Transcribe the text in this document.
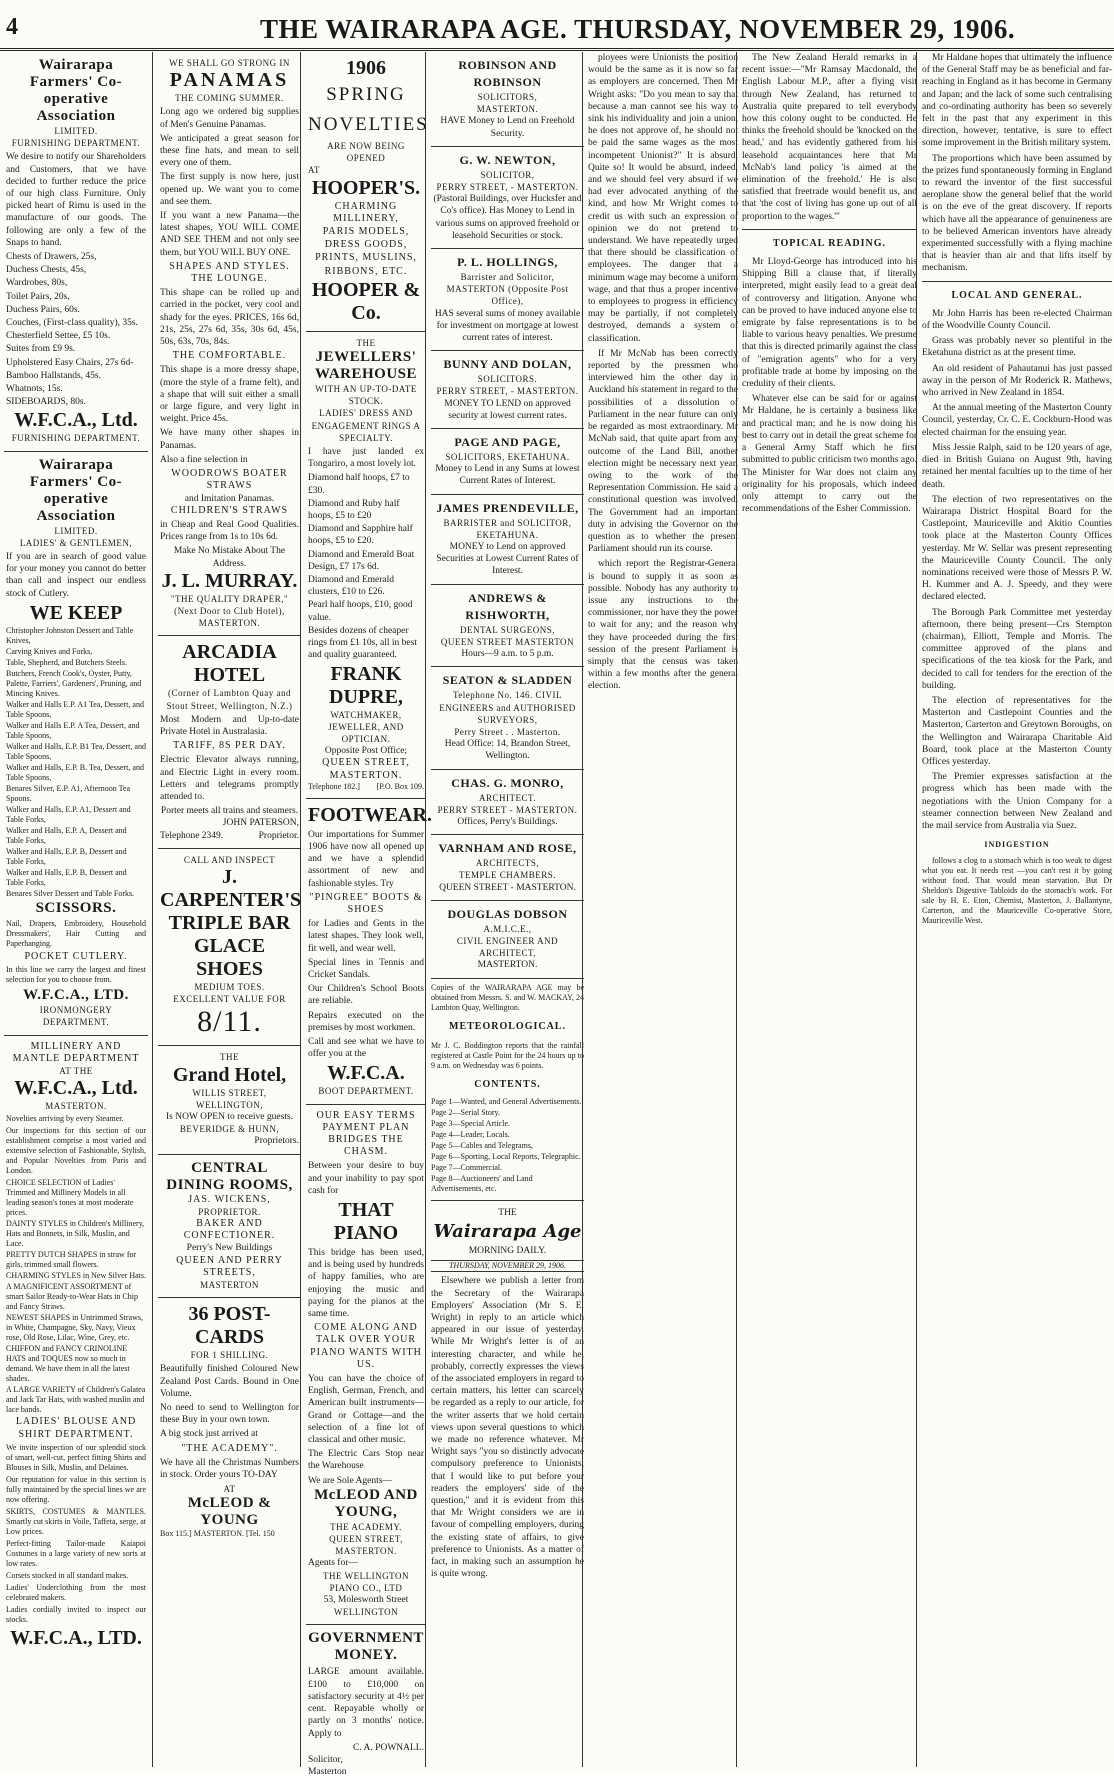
4	THE WAIRARAPA AGE. THURSDAY, NOVEMBER 29, 1906.
Wairarapa Farmers' Co-operative Association
LIMITED.
FURNISHING DEPARTMENT.

We desire to notify our Shareholders and Customers, that we have decided to further reduce the price of our high class Furniture. Only picked heart of Rimu is used in the manufacture of our goods. The following are only a few of the Snaps to hand.

Chests of Drawers, 25s,
Duchess Chests, 45s,
Wardrobes, 80s,
Toilet Pairs, 20s,
Duchess Pairs, 60s.
Couches, (First-class quality), 35s.
Chesterfield Settee, £5 10s.
Suites from £9 9s.
Upholstered Easy Chairs, 27s 6d-
Bamboo Hallstands, 45s.
Whatnots, 15s.
SIDEBOARDS, 80s.
W.F.C.A., Ltd.
FURNISHING DEPARTMENT.
Wairarapa Farmers' Co-operative Association
LIMITED.
LADIES' & GENTLEMEN,

If you are in search of good value for your money you cannot do better than call and inspect our endless stock of Cutlery.

WE KEEP
Christopher Johnston Dessert and Table Knives,
Carving Knives and Forks,
Table, Shepherd, and Butchers Steels.
Butchers, French Cook's, Oyster, Putty, Palette, Farriers', Gardeners', Pruning, and Mincing Knives.
Walker and Halls E.P. A1 Tea, Dessert, and Table Spoons,
Walker and Halls E.P. A Tea, Dessert, and Table Spoons,
Walker and Halls, E.P. B1 Tea, Dessert, and Table Spoons,
Walker and Halls, E.P. B. Tea, Dessert, and Table Spoons,
Benares Silver, E.P. A1, Afternoon Tea Spoons.
Walker and Halls, E.P. A1, Dessert and Table Forks,
Walker and Halls, E.P. A, Dessert and Table Forks,
Walker and Halls, E.P. B, Dessert and Table Forks,
Walker and Halls, E.P. B, Dessert and Table Forks,
Benares Silver Dessert and Table Forks.
SCISSORS.

Nail, Drapers, Embroidery, Household Dressmakers', Hair Cutting and Paperhanging.

POCKET CUTLERY.

In this line we carry the largest and finest selection for you to choose from.

W.F.C.A., LTD.
IRONMONGERY DEPARTMENT.
MILLINERY AND MANTLE DEPARTMENT
AT THE
W.F.C.A., Ltd.
MASTERTON.

Novelties arriving by every Steamer.

Our inspections for this section of our establishment comprise a most varied and extensive selection of Fashionable, Stylish, and Popular Novelties from Paris and London.

CHOICE SELECTION of Ladies' Trimmed and Millinery Models in all leading season's tones at most moderate prices.
DAINTY STYLES in Children's Millinery, Hats and Bonnets, in Silk, Muslin, and Lace.
PRETTY DUTCH SHAPES in straw for girls, trimmed small flowers.
CHARMING STYLES in New Silver Hats.
A MAGNIFICENT ASSORTMENT of smart Sailor Ready-to-Wear Hats in Chip and Fancy Straws.
NEWEST SHAPES in Untrimmed Straws, in White, Champagne, Sky, Navy, Vieux rose, Old Rose, Lilac, Wine, Grey, etc.
CHIFFON and FANCY CRINOLINE HATS and TOQUES now so much in demand. We have them in all the latest shades.
A LARGE VARIETY of Children's Galatea and Jack Tar Hats, with washed muslin and lace bands.
LADIES' BLOUSE AND SHIRT DEPARTMENT.

We invite inspection of our splendid stock of smart, well-cut, perfect fitting Shirts and Blouses in Silk, Muslin, and Delaines.

Our reputation for value in this section is fully maintained by the special lines we are now offering.

SKIRTS, COSTUMES & MANTLES. Smartly cut skirts in Voile, Taffeta, serge, at Low prices.

Perfect-fitting Tailor-made Kaiapoi Costumes in a large variety of new sorts at low rates.

Corsets stocked in all standard makes.

Ladies' Underclothing from the most celebrated makers.

Ladies cordially invited to inspect our stocks.

W.F.C.A., LTD.
WE SHALL GO STRONG IN
PANAMAS
THE COMING SUMMER.

Long ago we ordered big supplies of Men's Genuine Panamas.

We anticipated a great season for these fine hats, and mean to sell every one of them.

The first supply is now here, just opened up. We want you to come and see them.

If you want a new Panama—the latest shapes, YOU WILL COME AND SEE THEM and not only see them, but YOU WILL BUY ONE.

SHAPES AND STYLES.
THE LOUNGE.

This shape can be rolled up and carried in the pocket, very cool and shady for the eyes. PRICES, 16s 6d, 21s, 25s, 27s 6d, 35s, 30s 6d, 45s, 50s, 63s, 70s, 84s.

THE COMFORTABLE.

This shape is a more dressy shape, (more the style of a frame felt), and a shape that will suit either a small or large figure, and very light in weight. Price 45s.

We have many other shapes in Panamas.

Also a fine selection in

WOODROWS BOATER STRAWS
and Imitation Panamas.
CHILDREN'S STRAWS

in Cheap and Real Good Qualities. Prices range from 1s to 10s 6d.

Make No Mistake About The Address.
J. L. MURRAY.
"THE QUALITY DRAPER,"
(Next Door to Club Hotel),
MASTERTON.
ARCADIA HOTEL
(Corner of Lambton Quay and Stout Street, Wellington, N.Z.)

Most Modern and Up-to-date Private Hotel in Australasia.

TARIFF, 8S PER DAY.

Electric Elevator always running, and Electric Light in every room. Letters and telegrams promptly attended to.

Porter meets all trains and steamers.
JOHN PATERSON,
Telephone 2349.	Proprietor.
CALL AND INSPECT
J. CARPENTER'S TRIPLE BAR GLACE SHOES
MEDIUM TOES.
EXCELLENT VALUE FOR
8/11.
THE
Grand Hotel,
WILLIS STREET, WELLINGTON,
Is NOW OPEN to receive guests.
BEVERIDGE & HUNN,
Proprietors.
CENTRAL DINING ROOMS,
JAS. WICKENS,
PROPRIETOR.
BAKER AND CONFECTIONER.
Perry's New Buildings
QUEEN AND PERRY STREETS,
MASTERTON
36 POST-CARDS
FOR 1 SHILLING.

Beautifully finished Coloured New Zealand Post Cards. Bound in One Volume.

No need to send to Wellington for these Buy in your own town.

A big stock just arrived at

"THE ACADEMY".

We have all the Christmas Numbers in stock. Order yours TO-DAY

AT
McLEOD & YOUNG
Box 115.] MASTERTON. [Tel. 150
1906
SPRING
NOVELTIES
ARE NOW BEING OPENED
AT
HOOPER'S.
CHARMING MILLINERY,
PARIS MODELS,
DRESS GOODS,
PRINTS, MUSLINS,
RIBBONS, ETC.
HOOPER & Co.
THE
JEWELLERS' WAREHOUSE
WITH AN UP-TO-DATE STOCK.
LADIES' DRESS AND ENGAGEMENT RINGS A SPECIALTY.

I have just landed ex Tongariro, a most lovely lot.

Diamond half hoops, £7 to £30.
Diamond and Ruby half hoops, £5 to £20
Diamond and Sapphire half hoops, £5 to £20.
Diamond and Emerald Boat Design, £7 17s 6d.
Diamond and Emerald clusters, £10 to £26.
Pearl half hoops, £10, good value.
Besides dozens of cheaper rings from £1 10s, all in best and quality guaranteed.
FRANK DUPRE,
WATCHMAKER, JEWELLER, AND OPTICIAN.
Opposite Post Office;
QUEEN STREET, MASTERTON.
Telephone 182.] [P.O. Box 109.
FOOTWEAR.

Our importations for Summer 1906 have now all opened up and we have a splendid assortment of new and fashionable styles. Try

"PINGREE" BOOTS & SHOES

for Ladies and Gents in the latest shapes. They look well, fit well, and wear well.

Special lines in Tennis and Cricket Sandals.

Our Children's School Boots are reliable.

Repairs executed on the premises by most workmen.

Call and see what we have to offer you at the

W.F.C.A.
BOOT DEPARTMENT.
OUR EASY TERMS PAYMENT PLAN BRIDGES THE CHASM.

Between your desire to buy and your inability to pay spot cash for

THAT PIANO

This bridge has been used, and is being used by hundreds of happy families, who are enjoying the music and paying for the pianos at the same time.

COME ALONG AND TALK OVER YOUR PIANO WANTS WITH US.

You can have the choice of English, German, French, and American built instruments—Grand or Cottage—and the selection of a fine lot of classical and other music.

The Electric Cars Stop near the Warehouse

We are Sole Agents—
McLEOD AND YOUNG,
THE ACADEMY.
QUEEN STREET, MASTERTON.
Agents for—
THE WELLINGTON PIANO CO., LTD
53, Molesworth Street
WELLINGTON
GOVERNMENT MONEY.

LARGE amount available. £100 to £10,000 on satisfactory security at 4½ per cent. Repayable wholly or partly on 3 months' notice. Apply to

C. A. POWNALL.
Solicitor,
Masterton
ROBINSON AND ROBINSON
SOLICITORS,
MASTERTON.
HAVE Money to Lend on Freehold Security.
G. W. NEWTON,
SOLICITOR,
PERRY STREET, - MASTERTON.
(Pastoral Buildings, over Hucksfer and Co's office). Has Money to Lend in various sums on approved freehold or leasehold Securities or stock.
P. L. HOLLINGS,
Barrister and Solicitor,
MASTERTON (Opposite Post Office),
HAS several sums of money available for investment on mortgage at lowest current rates of interest.
BUNNY AND DOLAN,
SOLICITORS.
PERRY STREET, - MASTERTON.
MONEY TO LEND on approved security at lowest current rates.
PAGE AND PAGE,
SOLICITORS, EKETAHUNA.
Money to Lend in any Sums at lowest Current Rates of Interest.
JAMES PRENDEVILLE,
BARRISTER and SOLICITOR,
EKETAHUNA.
MONEY to Lend on approved Securities at Lowest Current Rates of Interest.
ANDREWS & RISHWORTH,
DENTAL SURGEONS,
QUEEN STREET MASTERTON
Hours—9 a.m. to 5 p.m.
SEATON & SLADDEN
Telephone No. 146. CIVIL ENGINEERS and AUTHORISED SURVEYORS,
Perry Street . . Masterton.
Head Office: 14, Brandon Street, Wellington.
CHAS. G. MONRO,
ARCHITECT.
PERRY STREET - MASTERTON.
Offices, Perry's Buildings.
VARNHAM AND ROSE,
ARCHITECTS,
TEMPLE CHAMBERS.
QUEEN STREET - MASTERTON.
DOUGLAS DOBSON
A.M.I.C.E.,
CIVIL ENGINEER AND ARCHITECT,
MASTERTON.

Copies of the WAIRARAPA AGE may be obtained from Messrs. S. and W. MACKAY, 24 Lambton Quay, Wellington.

METEOROLOGICAL.

Mr J. C. Boddington reports that the rainfall registered at Castle Point for the 24 hours up to 9 a.m. on Wednesday was 6 points.

CONTENTS.
Page 1—Wanted, and General Advertisements.
Page 2—Serial Story.
Page 3—Special Article.
Page 4—Leader, Locals.
Page 5—Cables and Telegrams,
Page 6—Sporting, Local Reports, Telegraphic.
Page 7—Commercial.
Page 8—Auctioneers' and Land Advertisements, etc.
THE
Wairarapa Age
MORNING DAILY.
THURSDAY, NOVEMBER 29, 1906.

Elsewhere we publish a letter from the Secretary of the Wairarapa Employers' Association (Mr S. E. Wright) in reply to an article which appeared in our issue of yesterday. While Mr Wright's letter is of an interesting character, and while he, probably, correctly expresses the views of the associated employers in regard to certain matters, his letter can scarcely be regarded as a reply to our article, for the writer asserts that we hold certain views upon several questions to which we made no reference whatever. Mr Wright says "you so distinctly advocate compulsory preference to Unionists, that I would like to put before your readers the employers' side of the question," and it is evident from this that Mr Wright considers we are in favour of compelling employers, during the existing state of affairs, to give preference to Unionists. As a matter of fact, in making such an assumption he is quite wrong.

ployees were Unionists the position would be the same as it is now so far as employers are concerned. Then Mr Wright asks: "Do you mean to say that because a man cannot see his way to sink his individuality and join a union, he does not approve of, he should not be paid the same wages as the most incompetent Unionist?" It is absurd. Quite so! It would be absurd, indeed, and we should feel very absurd if we had ever advocated anything of the kind, and how Mr Wright comes to credit us with such an expression of opinion we do not pretend to understand. We have repeatedly urged that there should be classification of employees. The danger that a minimum wage may become a uniform wage, and that thus a proper incentive to employees to progress in efficiency may be partially, if not completely destroyed, demands a system of classification.

If Mr McNab has been correctly reported by the pressmen who interviewed him the other day in Auckland his statement in regard to the possibilities of a dissolution of Parliament in the near future can only be regarded as most extraordinary. Mr McNab said, that quite apart from any outcome of the Land Bill, another election might be necessary next year, owing to the work of the Representation Commission. He said a constitutional question was involved. The Government had an important duty in advising the Governor on the question as to whether the present Parliament should run its course.

which report the Registrar-General is bound to supply it as soon as possible. Nobody has any authority to issue any instructions to the commissioner, nor have they the power to wait for any; and the reason why they have proceeded during the first session of the present Parliament is simply that the census was taken within a few months after the general election.

The New Zealand Herald remarks in a recent issue:—"Mr Ramsay Macdonald, the English Labour M.P., after a flying visit through New Zealand, has returned to Australia quite prepared to tell everybody how this colony ought to be conducted. He thinks the freehold should be 'knocked on the head,' and has evidently gathered from his leasehold acquaintances here that Mr McNab's land policy 'is aimed at the elimination of the freehold.' He is also satisfied that freetrade would benefit us, and that 'the cost of living has gone up out of all proportion to the wages.'"

TOPICAL READING.

Mr Lloyd-George has introduced into his Shipping Bill a clause that, if literally interpreted, might easily lead to a great deal of controversy and litigation. Anyone who can be proved to have induced anyone else to emigrate by false representations is to be liable to various heavy penalties. We presume that this is directed primarily against the class of "emigration agents" who for a very profitable trade at home by imposing on the credulity of their clients.

Whatever else can be said for or against Mr Haldane, he is certainly a business like and practical man; and he is now doing his best to carry out in detail the great scheme for a General Army Staff which he first submitted to public criticism two months ago. The Minister for War does not claim any originality for his proposals, which indeed only attempt to carry out the recommendations of the Esher Commission.

Mr Haldane hopes that ultimately the influence of the General Staff may be as beneficial and far-reaching in England as it has become in Germany and Japan; and the lack of some such centralising and co-ordinating authority has been so severely felt in the past that any experiment in this direction, however, tentative, is sure to effect some improvement in the British military system.

The proportions which have been assumed by the prizes fund spontaneously forming in England to reward the inventor of the first successful aeroplane show the general belief that the world is on the eve of the great discovery. If reports which have all the appearance of genuineness are to be believed American inventors have already experimented successfully with a flying machine that is heavier than air and that lifts itself by mechanism.

LOCAL AND GENERAL.

Mr John Harris has been re-elected Chairman of the Woodville County Council.

Grass was probably never so plentiful in the Eketahuna district as at the present time.

An old resident of Pahautanui has just passed away in the person of Mr Roderick R. Mathews, who arrived in New Zealand in 1854.

At the annual meeting of the Masterton County Council, yesterday, Cr. C. E. Cockburn-Hood was elected chairman for the ensuing year.

Miss Jessie Ralph, said to be 120 years of age, died in British Guiana on August 9th, having retained her mental faculties up to the time of her death.

The election of two representatives on the Wairarapa District Hospital Board for the Castlepoint, Mauriceville and Akitio Counties took place at the Masterton County Offices yesterday. Mr W. Sellar was present representing the Mauriceville County Council. The only nominations received were those of Messrs P. W. H. Kummer and A. J. Speedy, and they were declared elected.

The Borough Park Committee met yesterday afternoon, there being present—Crs Stempton (chairman), Elliott, Temple and Morris. The committee approved of the plans and specifications of the tea kiosk for the Park, and decided to call for tenders for the erection of the building.

The election of representatives for the Masterton and Castlepoint Counties and the Masterton, Carterton and Greytown Boroughs, on the Wellington and Wairarapa Charitable Aid Board, took place at the Masterton County Offices yesterday.

The Premier expresses satisfaction at the progress which has been made with the negotiations with the Union Company for a steamer connection between New Zealand and the mail service from Australia via Suez.

INDIGESTION

follows a clog to a stomach which is too weak to digest what you eat. It needs rest —you can't rest it by going without food. That would mean starvation. But Dr Sheldon's Digestive Tabloids do the stomach's work. For sale by H. E. Eton, Chemist, Masterton, J. Ballantyne, Carterton, and the Mauriceville Co-operative Store, Mauriceville West.
